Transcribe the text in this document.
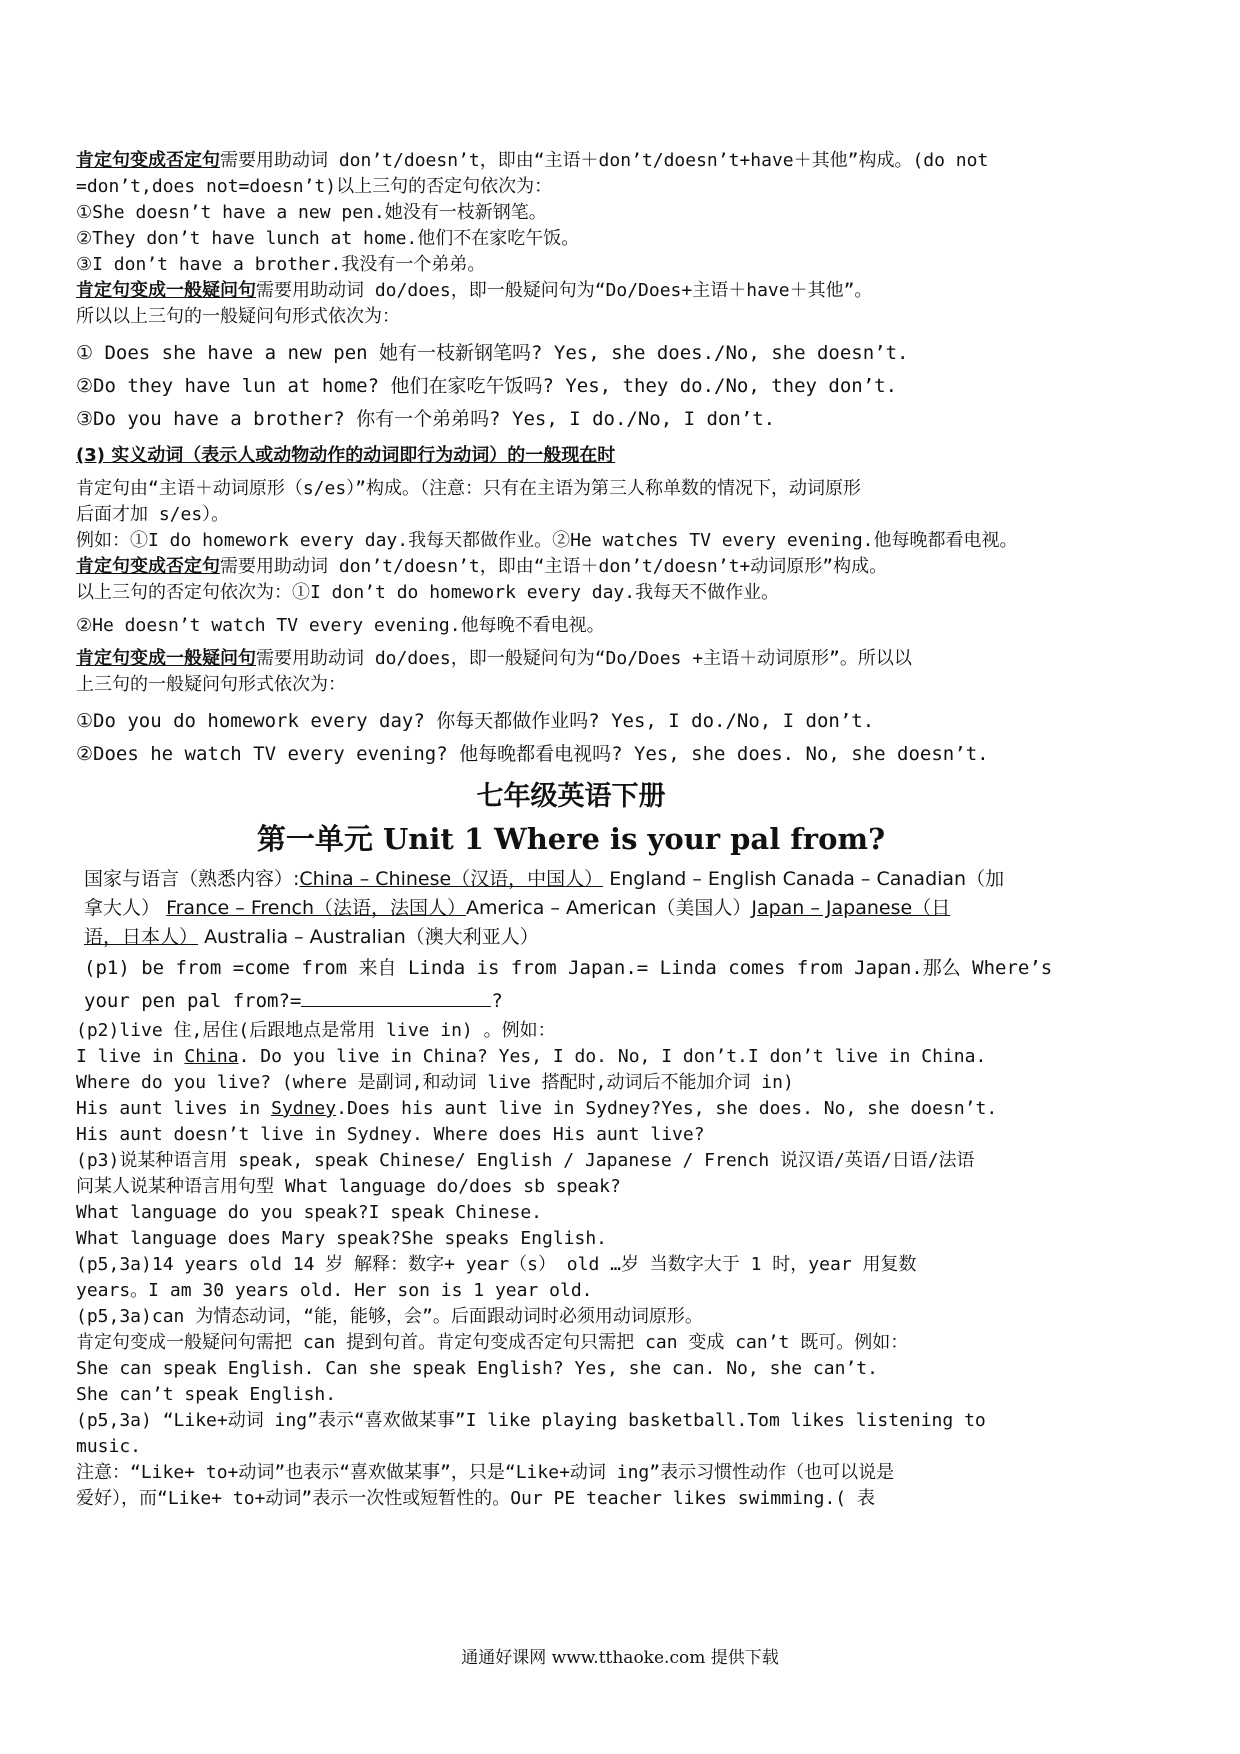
肯定句变成否定句需要用助动词 don’t/doesn’t，即由“主语＋don’t/doesn’t+have＋其他”构成。(do not
=don’t,does not=doesn’t)以上三句的否定句依次为：
①She doesn’t have a new pen.她没有一枝新钢笔。
②They don’t have lunch at home.他们不在家吃午饭。
③I don’t have a brother.我没有一个弟弟。
肯定句变成一般疑问句需要用助动词 do/does，即一般疑问句为“Do/Does+主语＋have＋其他”。
所以以上三句的一般疑问句形式依次为：
① Does she have a new pen 她有一枝新钢笔吗? Yes, she does./No, she doesn’t.
②Do they have lun at home? 他们在家吃午饭吗? Yes, they do./No, they don’t.
③Do you have a brother? 你有一个弟弟吗? Yes, I do./No, I don’t.
(3) 实义动词（表示人或动物动作的动词即行为动词）的一般现在时
肯定句由“主语＋动词原形（s/es）”构成。（注意：只有在主语为第三人称单数的情况下，动词原形
后面才加 s/es）。
例如：①I do homework every day.我每天都做作业。②He watches TV every evening.他每晚都看电视。
肯定句变成否定句需要用助动词 don’t/doesn’t，即由“主语＋don’t/doesn’t+动词原形”构成。
以上三句的否定句依次为：①I don’t do homework every day.我每天不做作业。
②He doesn’t watch TV every evening.他每晚不看电视。
肯定句变成一般疑问句需要用助动词 do/does，即一般疑问句为“Do/Does +主语＋动词原形”。所以以
上三句的一般疑问句形式依次为：
①Do you do homework every day? 你每天都做作业吗? Yes, I do./No, I don’t.
②Does he watch TV every evening? 他每晚都看电视吗? Yes, she does. No, she doesn’t.
七年级英语下册
第一单元 Unit 1 Where is your pal from?
国家与语言（熟悉内容）:China – Chinese（汉语，中国人） England – English Canada – Canadian（加
拿大人） France – French（法语，法国人）America – American（美国人）Japan – Japanese（日
语，日本人） Australia – Australian（澳大利亚人）
(p1) be from =come from 来自 Linda is from Japan.= Linda comes from Japan.那么 Where’s
your pen pal from?=	?
(p2)live 住,居住(后跟地点是常用 live in) 。例如：
I live in China. Do you live in China? Yes, I do. No, I don’t.I don’t live in China.
Where do you live? (where 是副词,和动词 live 搭配时,动词后不能加介词 in)
His aunt lives in Sydney.Does his aunt live in Sydney?Yes, she does. No, she doesn’t.
His aunt doesn’t live in Sydney. Where does His aunt live?
(p3)说某种语言用 speak, speak Chinese/ English / Japanese / French 说汉语/英语/日语/法语
问某人说某种语言用句型 What language do/does sb speak?
What language do you speak?I speak Chinese.
What language does Mary speak?She speaks English.
(p5,3a)14 years old 14 岁 解释：数字+ year（s） old …岁 当数字大于 1 时，year 用复数
years。I am 30 years old. Her son is 1 year old.
(p5,3a)can 为情态动词，“能，能够，会”。后面跟动词时必须用动词原形。
肯定句变成一般疑问句需把 can 提到句首。肯定句变成否定句只需把 can 变成 can’t 既可。例如：
She can speak English. Can she speak English? Yes, she can. No, she can’t.
She can’t speak English.
(p5,3a) “Like+动词 ing”表示“喜欢做某事”I like playing basketball.Tom likes listening to
music.
注意：“Like+ to+动词”也表示“喜欢做某事”，只是“Like+动词 ing”表示习惯性动作（也可以说是
爱好），而“Like+ to+动词”表示一次性或短暂性的。Our PE teacher likes swimming.( 表
通通好课网 www.tthaoke.com 提供下载
